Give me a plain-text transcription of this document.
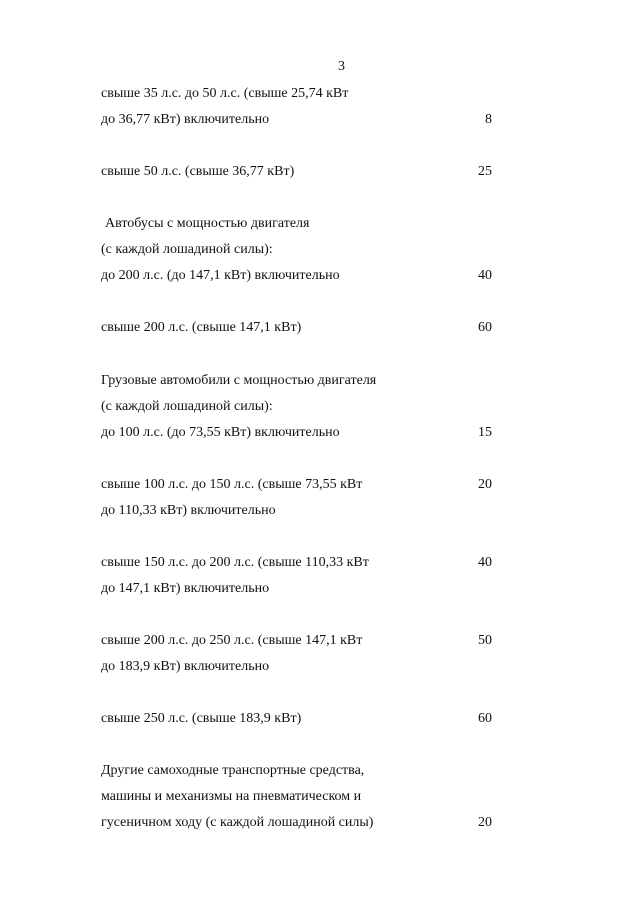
3
свыше 35 л.с. до 50 л.с. (свыше 25,74 кВт
до 36,77 кВт) включительно	8
свыше 50 л.с. (свыше 36,77 кВт)	25
Автобусы с мощностью двигателя
(с каждой лошадиной силы):
до 200 л.с. (до 147,1 кВт) включительно	40
свыше 200 л.с. (свыше 147,1 кВт)	60
Грузовые автомобили с мощностью двигателя
(с каждой лошадиной силы):
до 100 л.с. (до 73,55 кВт) включительно	15
свыше 100 л.с. до 150 л.с. (свыше 73,55 кВт	20
до 110,33 кВт) включительно
свыше 150 л.с. до 200 л.с. (свыше 110,33 кВт	40
до 147,1 кВт) включительно
свыше 200 л.с. до 250 л.с. (свыше 147,1 кВт	50
до 183,9 кВт) включительно
свыше 250 л.с. (свыше 183,9 кВт)	60
Другие самоходные транспортные средства,
машины и механизмы на пневматическом и
гусеничном ходу (с каждой лошадиной силы)	20
